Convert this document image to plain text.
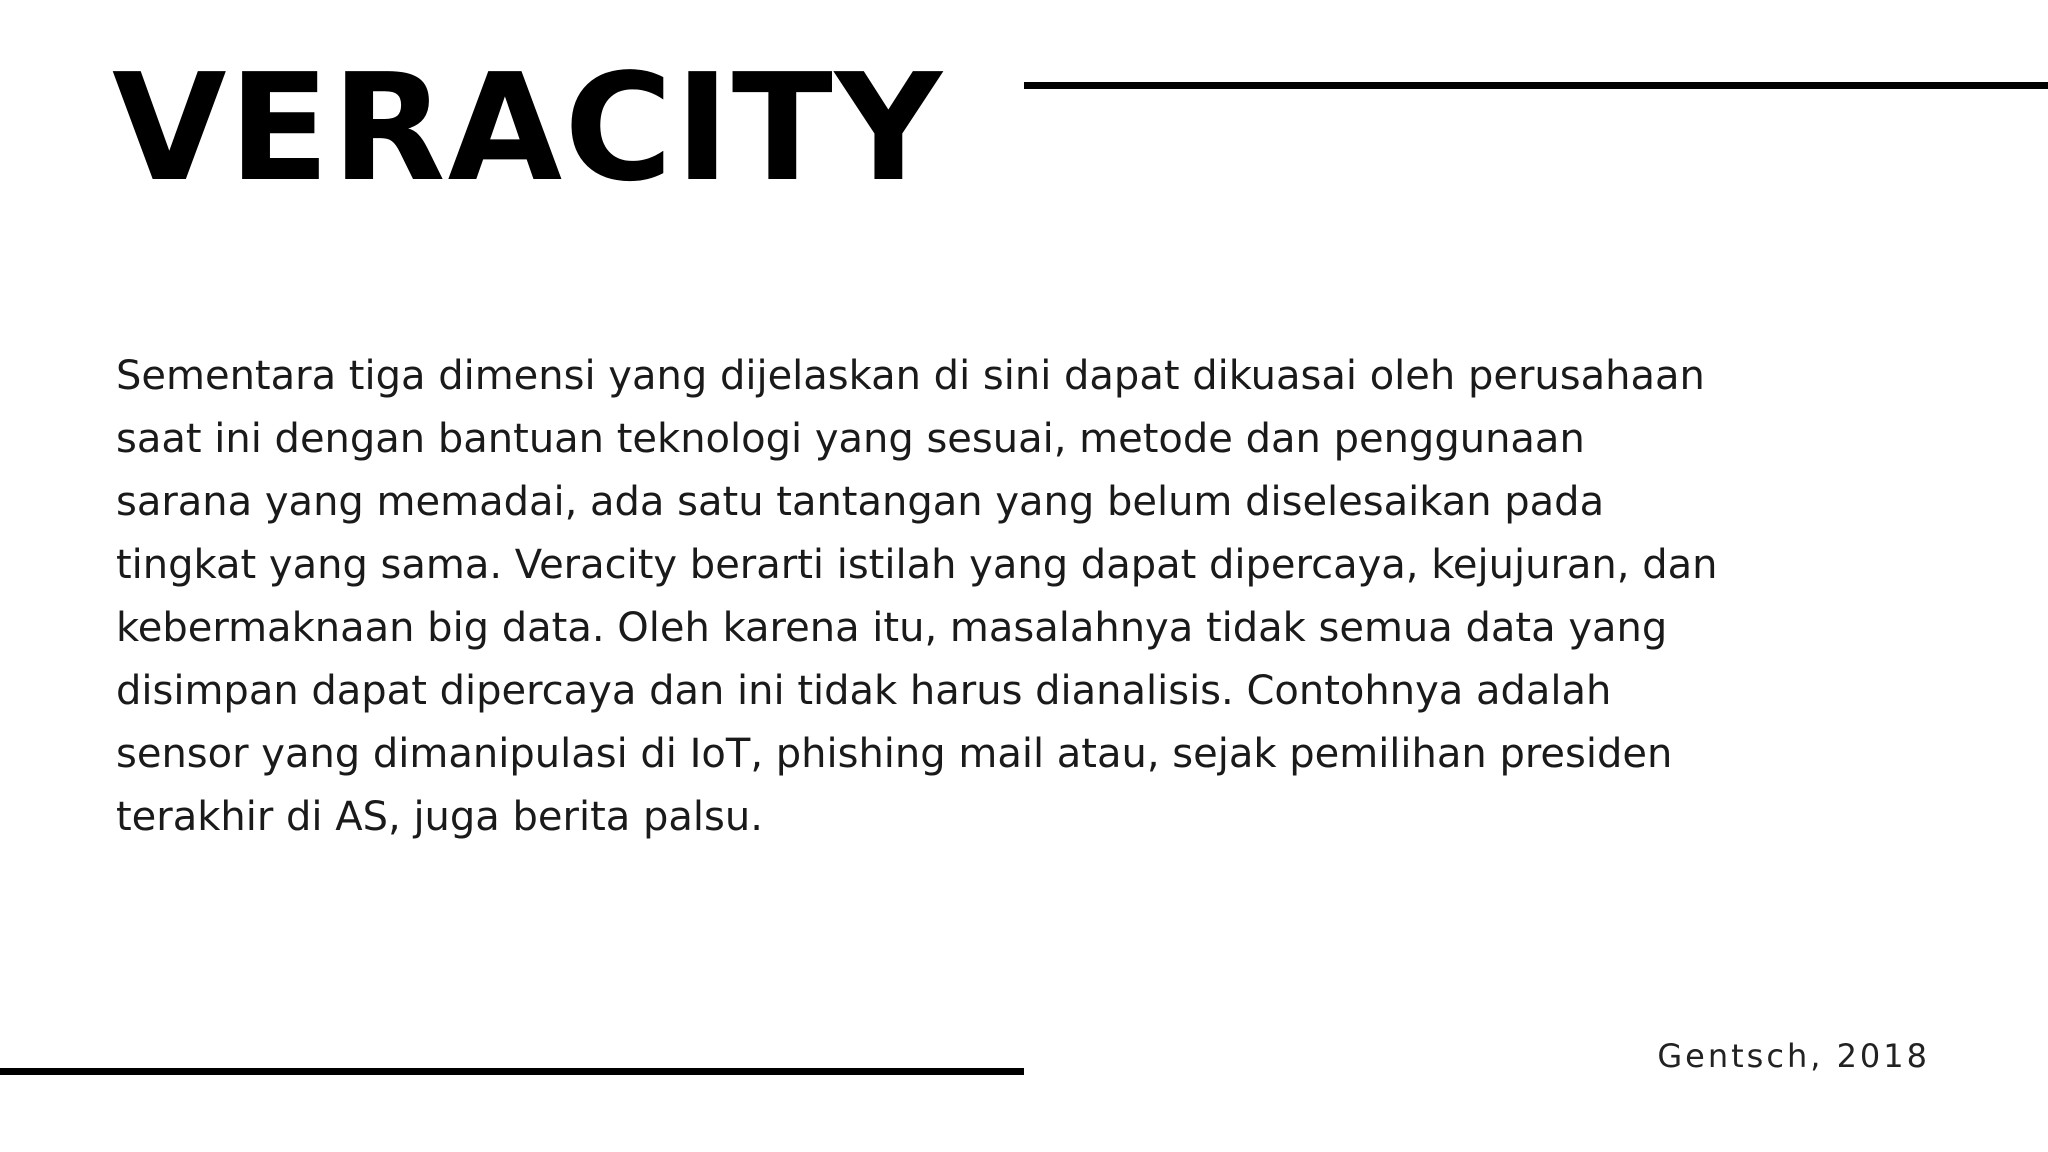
VERACITY

Sementara tiga dimensi yang dijelaskan di sini dapat dikuasai oleh perusahaan
saat ini dengan bantuan teknologi yang sesuai, metode dan penggunaan
sarana yang memadai, ada satu tantangan yang belum diselesaikan pada
tingkat yang sama. Veracity berarti istilah yang dapat dipercaya, kejujuran, dan
kebermaknaan big data. Oleh karena itu, masalahnya tidak semua data yang
disimpan dapat dipercaya dan ini tidak harus dianalisis. Contohnya adalah
sensor yang dimanipulasi di IoT, phishing mail atau, sejak pemilihan presiden
terakhir di AS, juga berita palsu.

Gentsch, 2018
